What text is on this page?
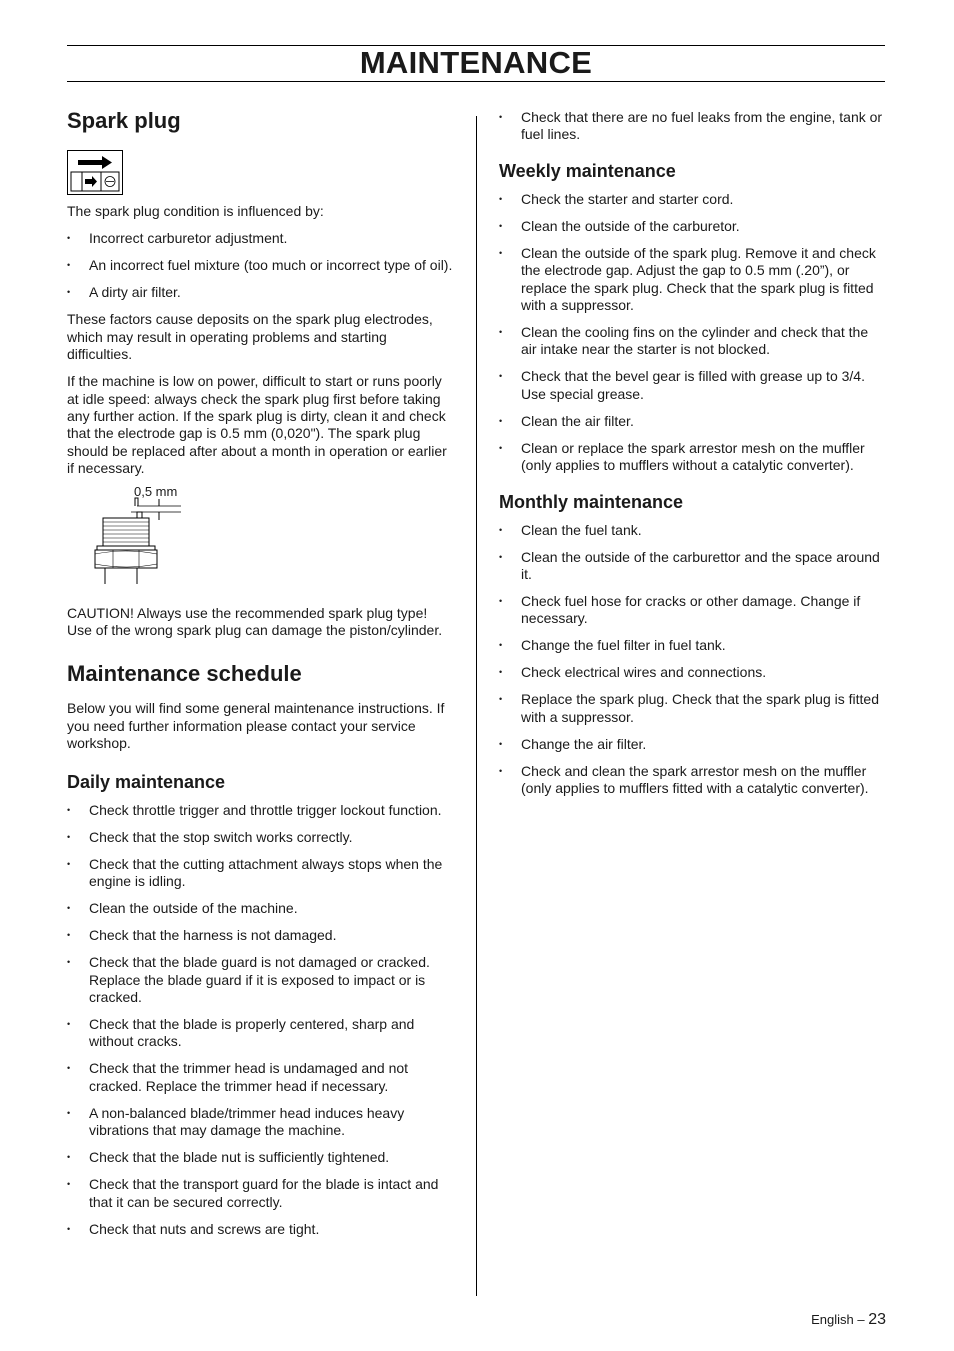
MAINTENANCE
Spark plug

The spark plug condition is influenced by:

• Incorrect carburetor adjustment.
• An incorrect fuel mixture (too much or incorrect type of oil).
• A dirty air filter.

These factors cause deposits on the spark plug electrodes, which may result in operating problems and starting difficulties.

If the machine is low on power, difficult to start or runs poorly at idle speed: always check the spark plug first before taking any further action. If the spark plug is dirty, clean it and check that the electrode gap is 0.5 mm (0,020"). The spark plug should be replaced after about a month in operation or earlier if necessary.

0,5 mm

CAUTION! Always use the recommended spark plug type! Use of the wrong spark plug can damage the piston/cylinder.

Maintenance schedule

Below you will find some general maintenance instructions. If you need further information please contact your service workshop.

Daily maintenance
• Check throttle trigger and throttle trigger lockout function.
• Check that the stop switch works correctly.
• Check that the cutting attachment always stops when the engine is idling.
• Clean the outside of the machine.
• Check that the harness is not damaged.
• Check that the blade guard is not damaged or cracked. Replace the blade guard if it is exposed to impact or is cracked.
• Check that the blade is properly centered, sharp and without cracks.
• Check that the trimmer head is undamaged and not cracked. Replace the trimmer head if necessary.
• A non-balanced blade/trimmer head induces heavy vibrations that may damage the machine.
• Check that the blade nut is sufficiently tightened.
• Check that the transport guard for the blade is intact and that it can be secured correctly.
• Check that nuts and screws are tight.
• Check that there are no fuel leaks from the engine, tank or fuel lines.
Weekly maintenance
• Check the starter and starter cord.
• Clean the outside of the carburetor.
• Clean the outside of the spark plug. Remove it and check the electrode gap. Adjust the gap to 0.5 mm (.20”), or replace the spark plug. Check that the spark plug is fitted with a suppressor.
• Clean the cooling fins on the cylinder and check that the air intake near the starter is not blocked.
• Check that the bevel gear is filled with grease up to 3/4. Use special grease.
• Clean the air filter.
• Clean or replace the spark arrestor mesh on the muffler (only applies to mufflers without a catalytic converter).
Monthly maintenance
• Clean the fuel tank.
• Clean the outside of the carburettor and the space around it.
• Check fuel hose for cracks or other damage. Change if necessary.
• Change the fuel filter in fuel tank.
• Check electrical wires and connections.
• Replace the spark plug. Check that the spark plug is fitted with a suppressor.
• Change the air filter.
• Check and clean the spark arrestor mesh on the muffler (only applies to mufflers fitted with a catalytic converter).
English – 23
